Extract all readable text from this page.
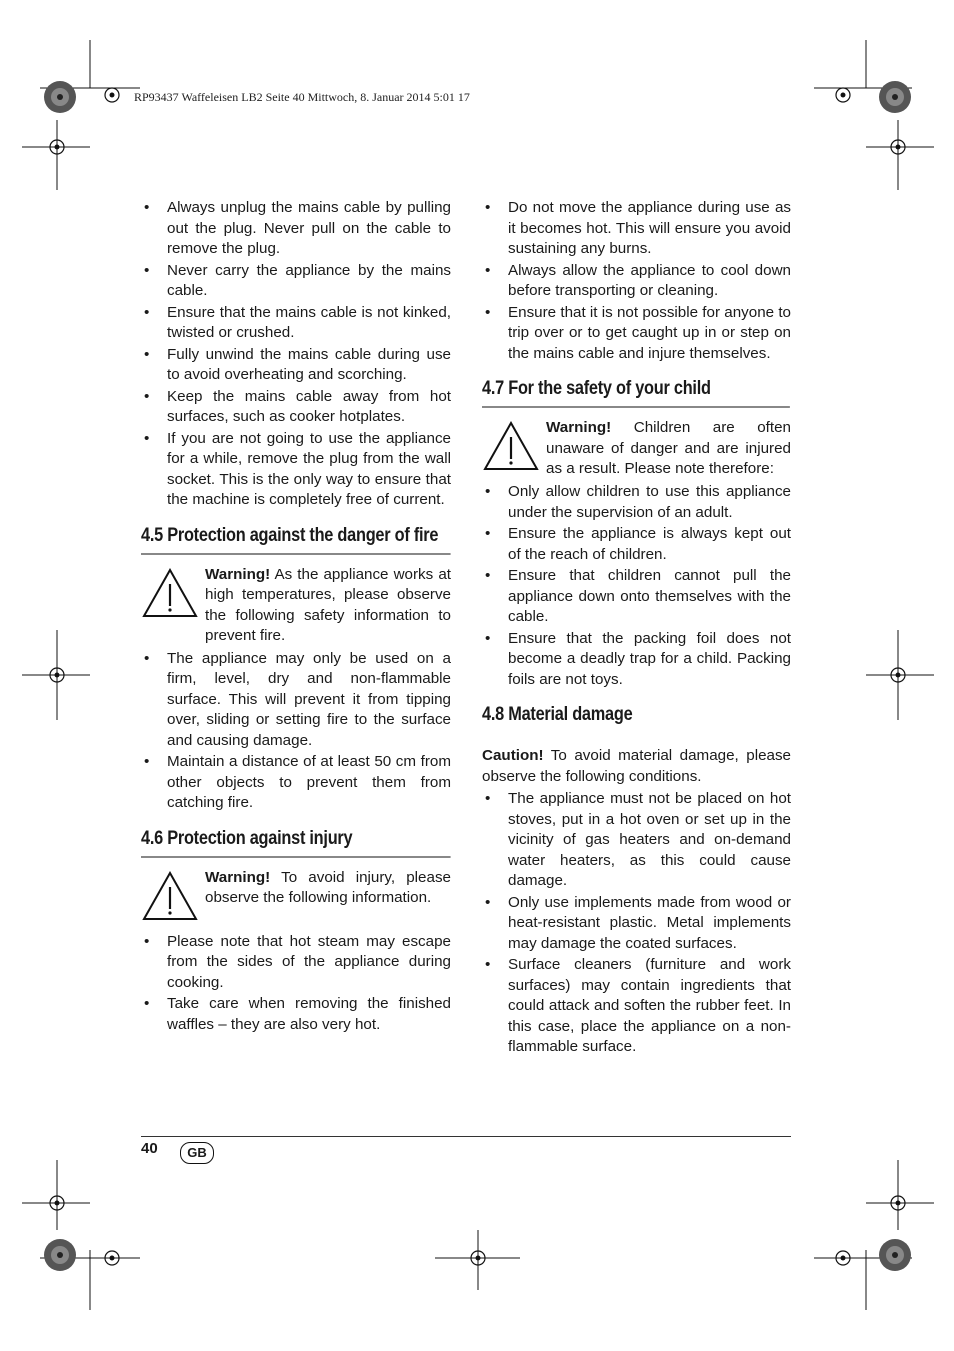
RP93437 Waffeleisen LB2 Seite 40 Mittwoch, 8. Januar 2014 5:01 17
• Always unplug the mains cable by pulling out the plug. Never pull on the cable to remove the plug.
• Never carry the appliance by the mains cable.
• Ensure that the mains cable is not kinked, twisted or crushed.
• Fully unwind the mains cable during use to avoid overheating and scorching.
• Keep the mains cable away from hot surfaces, such as cooker hotplates.
• If you are not going to use the appliance for a while, remove the plug from the wall socket. This is the only way to ensure that the machine is completely free of current.
4.5 Protection against the danger of fire
Warning! As the appliance works at high temperatures, please observe the following safety information to prevent fire.
• The appliance may only be used on a firm, level, dry and non-flammable surface. This will prevent it from tipping over, sliding or setting fire to the surface and causing damage.
• Maintain a distance of at least 50 cm from other objects to prevent them from catching fire.
4.6 Protection against injury
Warning! To avoid injury, please observe the following information.
• Please note that hot steam may escape from the sides of the appliance during cooking.
• Take care when removing the finished waffles – they are also very hot.
• Do not move the appliance during use as it becomes hot. This will ensure you avoid sustaining any burns.
• Always allow the appliance to cool down before transporting or cleaning.
• Ensure that it is not possible for anyone to trip over or to get caught up in or step on the mains cable and injure themselves.
4.7 For the safety of your child
Warning! Children are often unaware of danger and are injured as a result. Please note therefore:
• Only allow children to use this appliance under the supervision of an adult.
• Ensure the appliance is always kept out of the reach of children.
• Ensure that children cannot pull the appliance down onto themselves with the cable.
• Ensure that the packing foil does not become a deadly trap for a child. Packing foils are not toys.
4.8 Material damage
Caution! To avoid material damage, please observe the following conditions.
• The appliance must not be placed on hot stoves, put in a hot oven or set up in the vicinity of gas heaters and on-demand water heaters, as this could cause damage.
• Only use implements made from wood or heat-resistant plastic. Metal implements may damage the coated surfaces.
• Surface cleaners (furniture and work surfaces) may contain ingredients that could attack and soften the rubber feet. In this case, place the appliance on a non-flammable surface.
40	GB
